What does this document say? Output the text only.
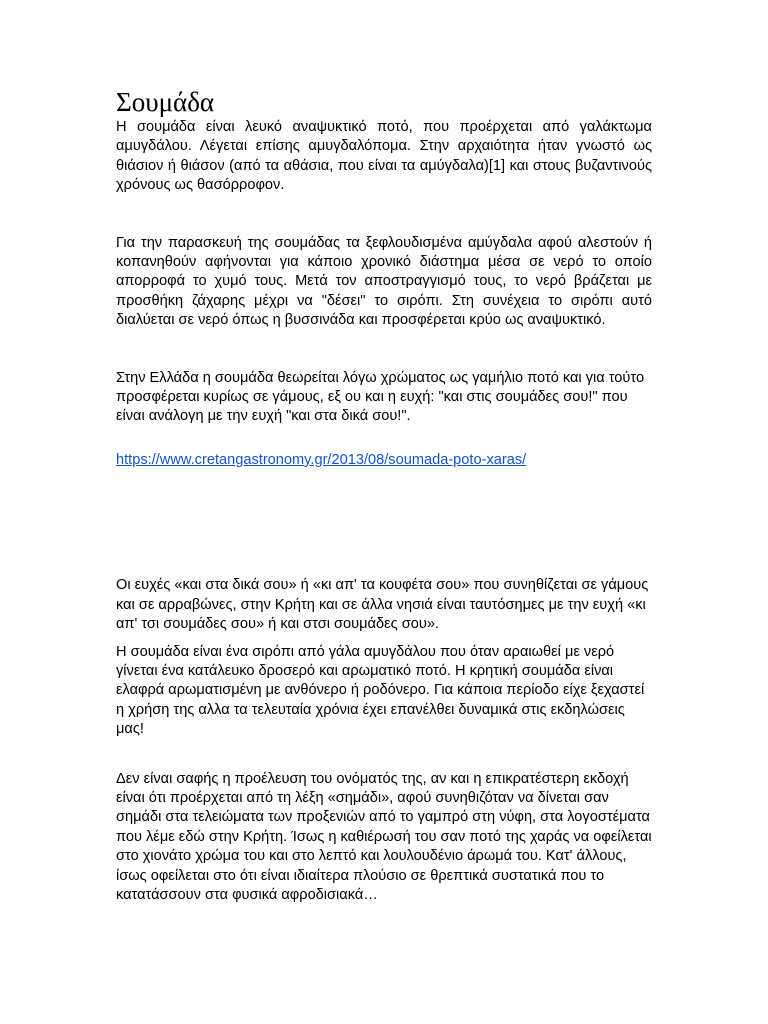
Σουμάδα

Η σουμάδα είναι λευκό αναψυκτικό ποτό, που προέρχεται από γαλάκτωμα αμυγδάλου. Λέγεται επίσης αμυγδαλόπομα. Στην αρχαιότητα ήταν γνωστό ως θιάσιον ή θιάσον (από τα αθάσια, που είναι τα αμύγδαλα)[1] και στους βυζαντινούς χρόνους ως θασόρροφον.

Για την παρασκευή της σουμάδας τα ξεφλουδισμένα αμύγδαλα αφού αλεστούν ή κοπανηθούν αφήνονται για κάποιο χρονικό διάστημα μέσα σε νερό το οποίο απορροφά το χυμό τους. Μετά τον αποστραγγισμό τους, το νερό βράζεται με προσθήκη ζάχαρης μέχρι να "δέσει" το σιρόπι. Στη συνέχεια το σιρόπι αυτό διαλύεται σε νερό όπως η βυσσινάδα και προσφέρεται κρύο ως αναψυκτικό.

Στην Ελλάδα η σουμάδα θεωρείται λόγω χρώματος ως γαμήλιο ποτό και για τούτο προσφέρεται κυρίως σε γάμους, εξ ου και η ευχή: "και στις σουμάδες σου!" που είναι ανάλογη με την ευχή "και στα δικά σου!".

https://www.cretangastronomy.gr/2013/08/soumada-poto-xaras/

Οι ευχές «και στα δικά σου» ή «κι απ' τα κουφέτα σου» που συνηθίζεται σε γάμους και σε αρραβώνες, στην Κρήτη και σε άλλα νησιά είναι ταυτόσημες με την ευχή «κι απ' τσι σουμάδες σου» ή και στσι σουμάδες σου».

Η σουμάδα είναι ένα σιρόπι από γάλα αμυγδάλου που όταν αραιωθεί με νερό γίνεται ένα κατάλευκο δροσερό και αρωματικό ποτό. Η κρητική σουμάδα είναι ελαφρά αρωματισμένη με ανθόνερο ή ροδόνερο. Για κάποια περίοδο είχε ξεχαστεί η χρήση της αλλα τα τελευταία χρόνια έχει επανέλθει δυναμικά στις εκδηλώσεις μας!

Δεν είναι σαφής η προέλευση του ονόματός της, αν και η επικρατέστερη εκδοχή είναι ότι προέρχεται από τη λέξη «σημάδι», αφού συνηθιζόταν να δίνεται σαν σημάδι στα τελειώματα των προξενιών από το γαμπρό στη νύφη, στα λογοστέματα που λέμε εδώ στην Κρήτη. Ίσως η καθιέρωσή του σαν ποτό της χαράς να οφείλεται στο χιονάτο χρώμα του και στο λεπτό και λουλουδένιο άρωμά του. Κατ' άλλους, ίσως οφείλεται στο ότι είναι ιδιαίτερα πλούσιο σε θρεπτικά συστατικά που το κατατάσσουν στα φυσικά αφροδισιακά…
